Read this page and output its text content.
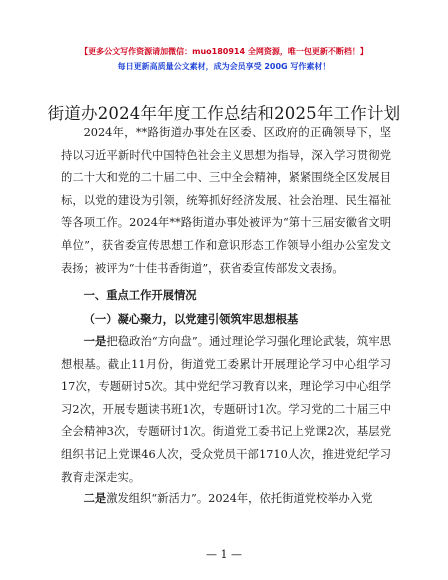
【更多公文写作资源请加微信：muo180914 全网资源，唯一包更新不断档！】
每日更新高质量公文素材，成为会员享受 200G 写作素材！
街道办2024年年度工作总结和2025年工作计划
2024年，**路街道办事处在区委、区政府的正确领导下，坚持以习近平新时代中国特色社会主义思想为指导，深入学习贯彻党的二十大和党的二十届二中、三中全会精神，紧紧围绕全区发展目标，以党的建设为引领，统筹抓好经济发展、社会治理、民生福祉等各项工作。2024年**路街道办事处被评为“第十三届安徽省文明单位”，获省委宣传思想工作和意识形态工作领导小组办公室发文表扬；被评为“十佳书香街道”，获省委宣传部发文表扬。
一、重点工作开展情况
（一）凝心聚力，以党建引领筑牢思想根基
一是把稳政治“方向盘”。通过理论学习强化理论武装，筑牢思想根基。截止11月份，街道党工委累计开展理论学习中心组学习17次，专题研讨5次。其中党纪学习教育以来，理论学习中心组学习2次，开展专题读书班1次，专题研讨1次。学习党的二十届三中全会精神3次，专题研讨1次。街道党工委书记上党课2次，基层党组织书记上党课46人次，受众党员干部1710人次，推进党纪学习教育走深走实。
二是激发组织“新活力”。2024年，依托街道党校举办入党
— 1 —
